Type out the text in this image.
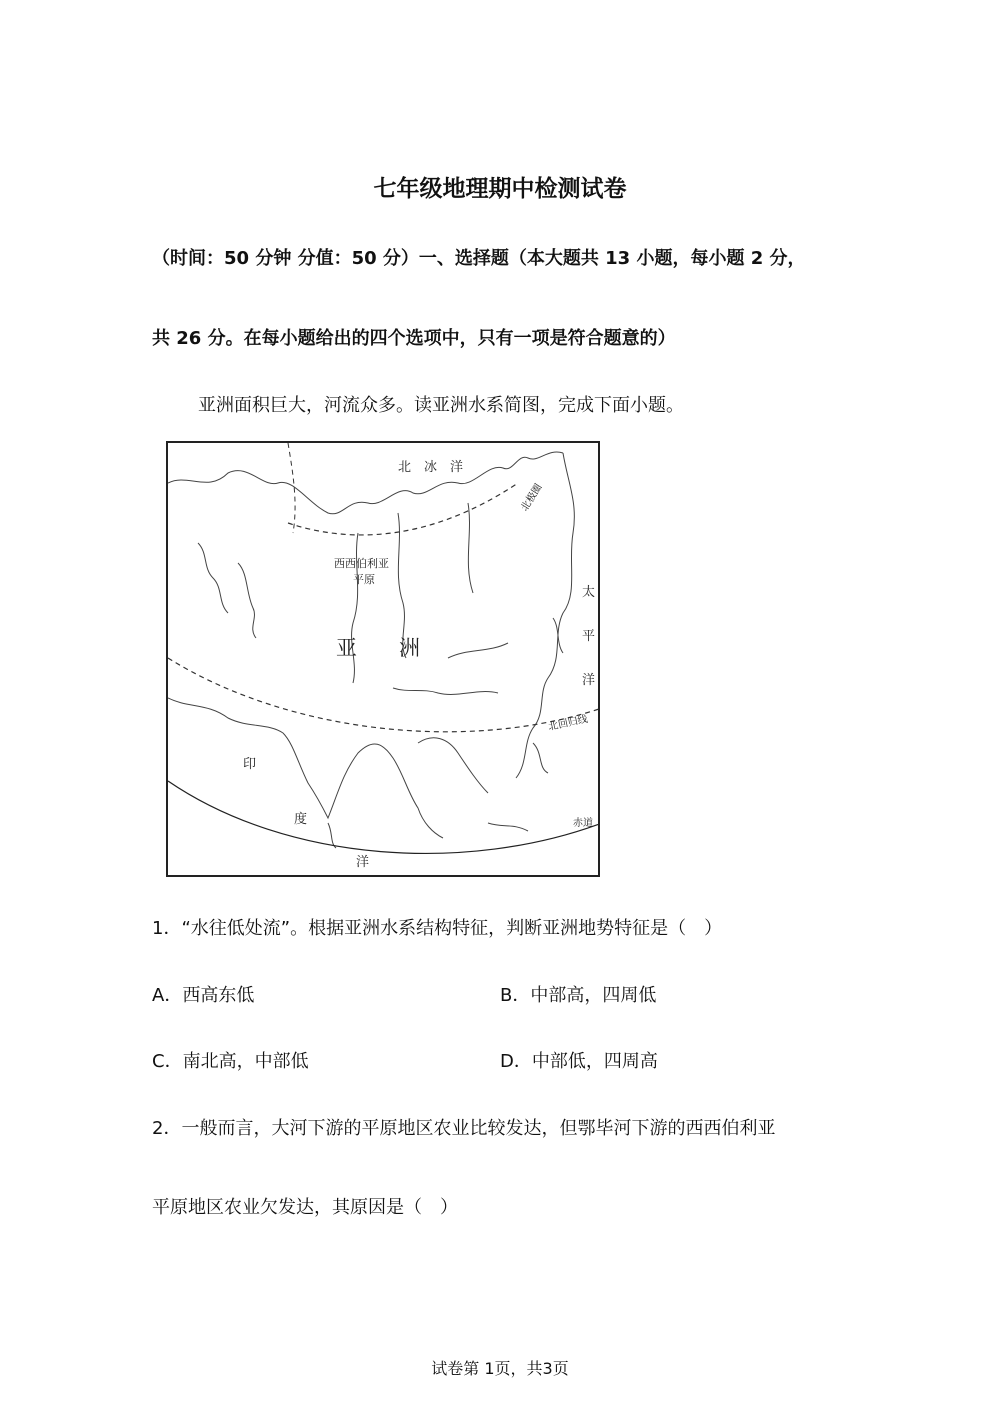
七年级地理期中检测试卷
（时间：50 分钟 分值：50 分）一、选择题（本大题共 13 小题，每小题 2 分，
共 26 分。在每小题给出的四个选项中，只有一项是符合题意的）
亚洲面积巨大，河流众多。读亚洲水系简图，完成下面小题。
北　冰　洋
北极圈
西西伯利亚
平原
太
平
洋
亚　　洲
北回归线
印
度
洋
赤道
1．“水往低处流”。根据亚洲水系结构特征，判断亚洲地势特征是（　）
A．西高东低	B．中部高，四周低
C．南北高，中部低	D．中部低，四周高
2．一般而言，大河下游的平原地区农业比较发达，但鄂毕河下游的西西伯利亚
平原地区农业欠发达，其原因是（　）
试卷第 1页，共3页
